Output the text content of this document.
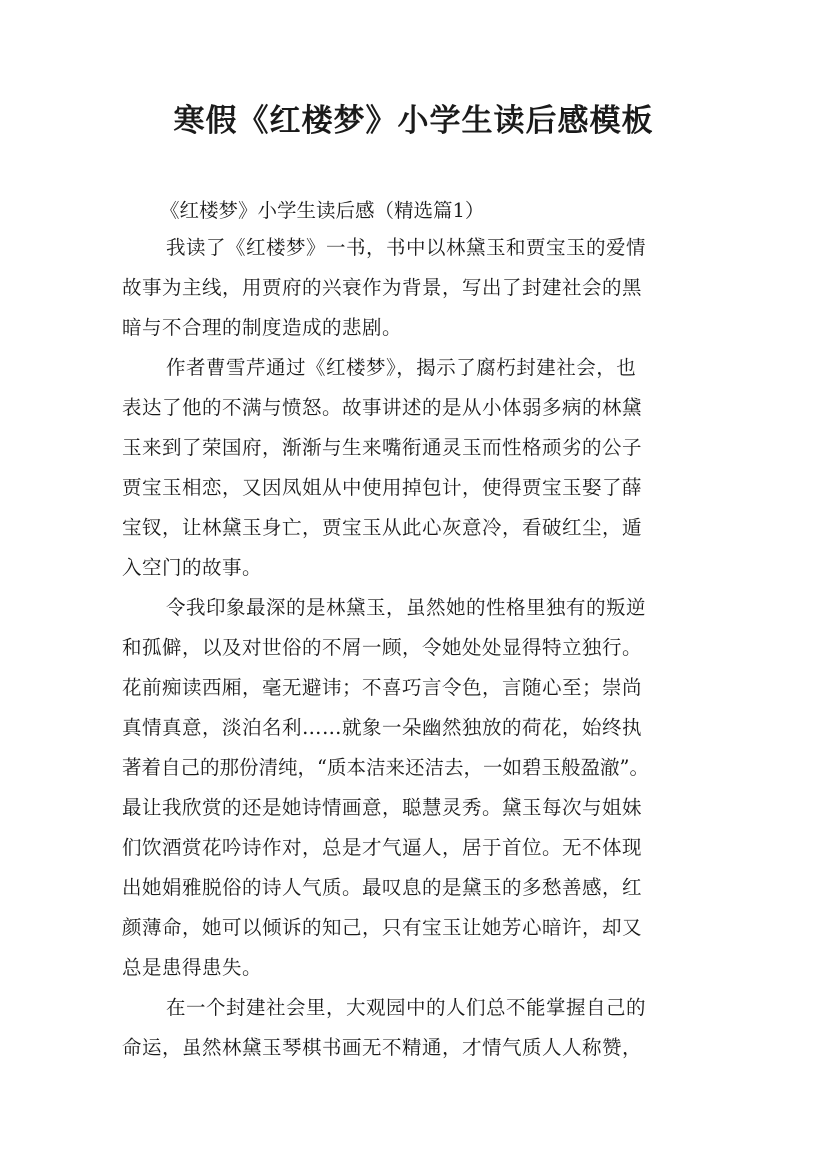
寒假《红楼梦》小学生读后感模板
《红楼梦》小学生读后感（精选篇1）
我读了《红楼梦》一书，书中以林黛玉和贾宝玉的爱情
故事为主线，用贾府的兴衰作为背景，写出了封建社会的黑
暗与不合理的制度造成的悲剧。
作者曹雪芹通过《红楼梦》，揭示了腐朽封建社会，也
表达了他的不满与愤怒。故事讲述的是从小体弱多病的林黛
玉来到了荣国府，渐渐与生来嘴衔通灵玉而性格顽劣的公子
贾宝玉相恋，又因凤姐从中使用掉包计，使得贾宝玉娶了薛
宝钗，让林黛玉身亡，贾宝玉从此心灰意冷，看破红尘，遁
入空门的故事。
令我印象最深的是林黛玉，虽然她的性格里独有的叛逆
和孤僻，以及对世俗的不屑一顾，令她处处显得特立独行。
花前痴读西厢，毫无避讳；不喜巧言令色，言随心至；崇尚
真情真意，淡泊名利……就象一朵幽然独放的荷花，始终执
著着自己的那份清纯，“质本洁来还洁去，一如碧玉般盈澈”。
最让我欣赏的还是她诗情画意，聪慧灵秀。黛玉每次与姐妹
们饮酒赏花吟诗作对，总是才气逼人，居于首位。无不体现
出她娟雅脱俗的诗人气质。最叹息的是黛玉的多愁善感，红
颜薄命，她可以倾诉的知己，只有宝玉让她芳心暗许，却又
总是患得患失。
在一个封建社会里，大观园中的人们总不能掌握自己的
命运，虽然林黛玉琴棋书画无不精通，才情气质人人称赞，
